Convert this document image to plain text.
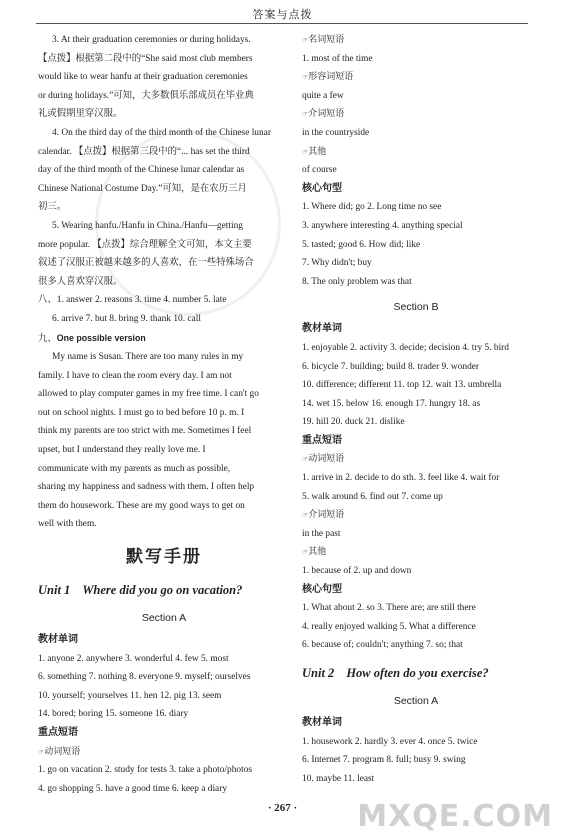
答案与点拨
3. At their graduation ceremonies or during holidays.
【点拨】根据第二段中的“She said most club members
would like to wear hanfu at their graduation ceremonies
or during holidays.”可知，大多数俱乐部成员在毕业典
礼或假期里穿汉服。
4. On the third day of the third month of the Chinese lunar
calendar. 【点拨】根据第三段中的“... has set the third
day of the third month of the Chinese lunar calendar as
Chinese National Costume Day.”可知，是在农历三月
初三。
5. Wearing hanfu./Hanfu in China./Hanfu—getting
more popular. 【点拨】综合理解全文可知，本文主要
叙述了汉服正被越来越多的人喜欢，在一些特殊场合
很多人喜欢穿汉服。
八、1. answer 2. reasons 3. time 4. number 5. late
6. arrive 7. but 8. bring 9. thank 10. call
九、One possible version
My name is Susan. There are too many rules in my
family. I have to clean the room every day. I am not
allowed to play computer games in my free time. I can't go
out on school nights. I must go to bed before 10 p. m. I
think my parents are too strict with me. Sometimes I feel
upset, but I understand they really love me. I
communicate with my parents as much as possible,
sharing my happiness and sadness with them. I often help
them do housework. These are my good ways to get on
well with them.
默写手册
Unit 1 Where did you go on vacation?
Section A
教材单词
1. anyone 2. anywhere 3. wonderful 4. few 5. most
6. something 7. nothing 8. everyone 9. myself; ourselves
10. yourself; yourselves 11. hen 12. pig 13. seem
14. bored; boring 15. someone 16. diary
重点短语
☞动词短语
1. go on vacation 2. study for tests 3. take a photo/photos
4. go shopping 5. have a good time 6. keep a diary
☞名词短语
1. most of the time
☞形容词短语
quite a few
☞介词短语
in the countryside
☞其他
of course
核心句型
1. Where did; go 2. Long time no see
3. anywhere interesting 4. anything special
5. tasted; good 6. How did; like
7. Why didn't; buy
8. The only problem was that
Section B
教材单词
1. enjoyable 2. activity 3. decide; decision 4. try 5. bird
6. bicycle 7. building; build 8. trader 9. wonder
10. difference; different 11. top 12. wait 13. umbrella
14. wet 15. below 16. enough 17. hungry 18. as
19. hill 20. duck 21. dislike
重点短语
☞动词短语
1. arrive in 2. decide to do sth. 3. feel like 4. wait for
5. walk around 6. find out 7. come up
☞介词短语
in the past
☞其他
1. because of 2. up and down
核心句型
1. What about 2. so 3. There are; are still there
4. really enjoyed walking 5. What a difference
6. because of; couldn't; anything 7. so; that
Unit 2 How often do you exercise?
Section A
教材单词
1. housework 2. hardly 3. ever 4. once 5. twice
6. Internet 7. program 8. full; busy 9. swing
10. maybe 11. least
· 267 ·	MXQE.COM
